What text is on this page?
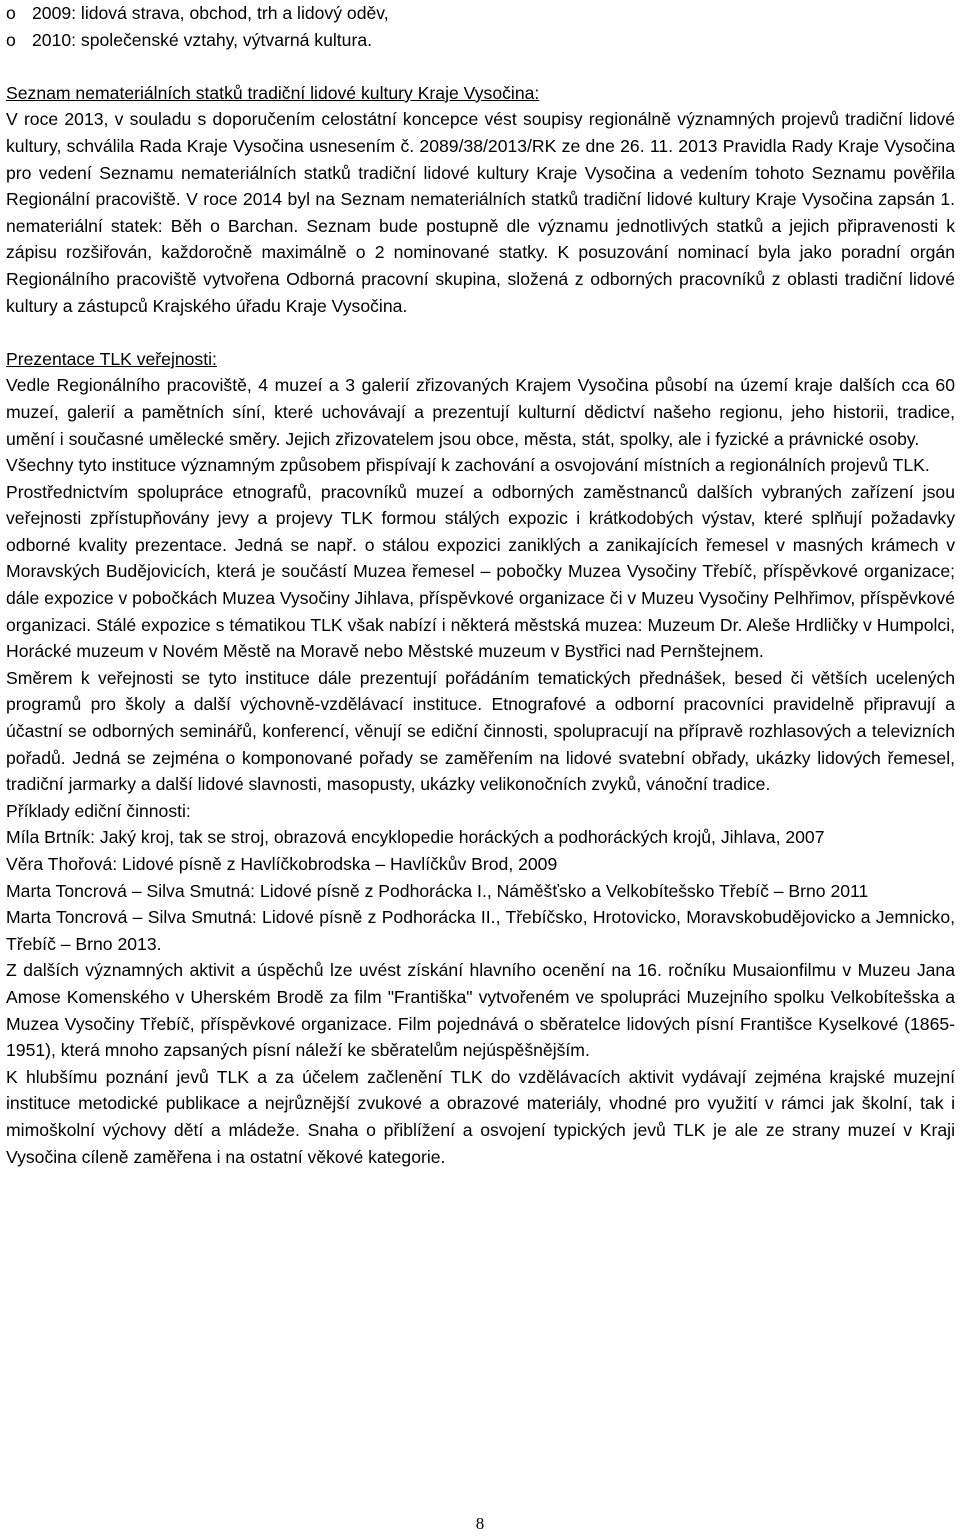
o 2009: lidová strava, obchod, trh a lidový oděv,
o 2010: společenské vztahy, výtvarná kultura.
Seznam nemateriálních statků tradiční lidové kultury Kraje Vysočina:

V roce 2013, v souladu s doporučením celostátní koncepce vést soupisy regionálně významných projevů tradiční lidové kultury, schválila Rada Kraje Vysočina usnesením č. 2089/38/2013/RK ze dne 26. 11. 2013 Pravidla Rady Kraje Vysočina pro vedení Seznamu nemateriálních statků tradiční lidové kultury Kraje Vysočina a vedením tohoto Seznamu pověřila Regionální pracoviště. V roce 2014 byl na Seznam nemateriálních statků tradiční lidové kultury Kraje Vysočina zapsán 1. nemateriální statek: Běh o Barchan. Seznam bude postupně dle významu jednotlivých statků a jejich připravenosti k zápisu rozšiřován, každoročně maximálně o 2 nominované statky. K posuzování nominací byla jako poradní orgán Regionálního pracoviště vytvořena Odborná pracovní skupina, složená z odborných pracovníků z oblasti tradiční lidové kultury a zástupců Krajského úřadu Kraje Vysočina.

Prezentace TLK veřejnosti:

Vedle Regionálního pracoviště, 4 muzeí a 3 galerií zřizovaných Krajem Vysočina působí na území kraje dalších cca 60 muzeí, galerií a pamětních síní, které uchovávají a prezentují kulturní dědictví našeho regionu, jeho historii, tradice, umění i současné umělecké směry. Jejich zřizovatelem jsou obce, města, stát, spolky, ale i fyzické a právnické osoby.

Všechny tyto instituce významným způsobem přispívají k zachování a osvojování místních a regionálních projevů TLK.

Prostřednictvím spolupráce etnografů, pracovníků muzeí a odborných zaměstnanců dalších vybraných zařízení jsou veřejnosti zpřístupňovány jevy a projevy TLK formou stálých expozic i krátkodobých výstav, které splňují požadavky odborné kvality prezentace. Jedná se např. o stálou expozici zaniklých a zanikajících řemesel v masných krámech v Moravských Budějovicích, která je součástí Muzea řemesel – pobočky Muzea Vysočiny Třebíč, příspěvkové organizace; dále expozice v pobočkách Muzea Vysočiny Jihlava, příspěvkové organizace či v Muzeu Vysočiny Pelhřimov, příspěvkové organizaci. Stálé expozice s tématikou TLK však nabízí i některá městská muzea: Muzeum Dr. Aleše Hrdličky v Humpolci, Horácké muzeum v Novém Městě na Moravě nebo Městské muzeum v Bystřici nad Pernštejnem.

Směrem k veřejnosti se tyto instituce dále prezentují pořádáním tematických přednášek, besed či větších ucelených programů pro školy a další výchovně-vzdělávací instituce. Etnografové a odborní pracovníci pravidelně připravují a účastní se odborných seminářů, konferencí, věnují se ediční činnosti, spolupracují na přípravě rozhlasových a televizních pořadů. Jedná se zejména o komponované pořady se zaměřením na lidové svatební obřady, ukázky lidových řemesel, tradiční jarmarky a další lidové slavnosti, masopusty, ukázky velikonočních zvyků, vánoční tradice.

Příklady ediční činnosti:

Míla Brtník: Jaký kroj, tak se stroj, obrazová encyklopedie horáckých a podhoráckých krojů, Jihlava, 2007

Věra Thořová: Lidové písně z Havlíčkobrodska – Havlíčkův Brod, 2009

Marta Toncrová – Silva Smutná: Lidové písně z Podhorácka I., Náměšťsko a Velkobítešsko Třebíč – Brno 2011

Marta Toncrová – Silva Smutná: Lidové písně z Podhorácka II., Třebíčsko, Hrotovicko, Moravskobudějovicko a Jemnicko, Třebíč – Brno 2013.

Z dalších významných aktivit a úspěchů lze uvést získání hlavního ocenění na 16. ročníku Musaionfilmu v Muzeu Jana Amose Komenského v Uherském Brodě za film "Františka" vytvořeném ve spolupráci Muzejního spolku Velkobítešska a Muzea Vysočiny Třebíč, příspěvkové organizace. Film pojednává o sběratelce lidových písní Františce Kyselkové (1865-1951), která mnoho zapsaných písní náleží ke sběratelům nejúspěšnějším.

K hlubšímu poznání jevů TLK a za účelem začlenění TLK do vzdělávacích aktivit vydávají zejména krajské muzejní instituce metodické publikace a nejrůznější zvukové a obrazové materiály, vhodné pro využití v rámci jak školní, tak i mimoškolní výchovy dětí a mládeže. Snaha o přiblížení a osvojení typických jevů TLK je ale ze strany muzeí v Kraji Vysočina cíleně zaměřena i na ostatní věkové kategorie.

8
